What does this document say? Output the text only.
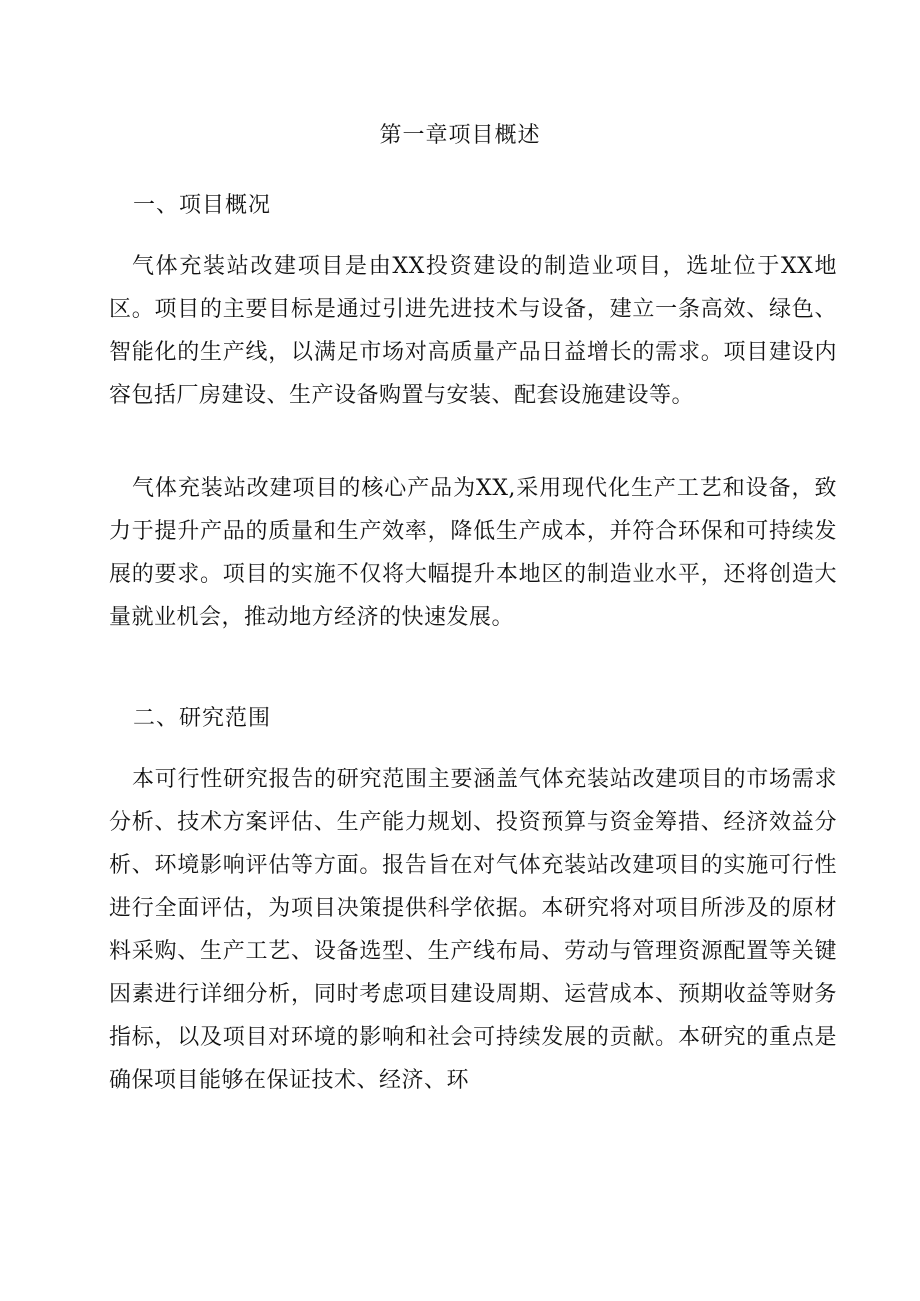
第一章项目概述
一、项目概况

气体充装站改建项目是由XX投资建设的制造业项目，选址位于XX地区。项目的主要目标是通过引进先进技术与设备，建立一条高效、绿色、智能化的生产线，以满足市场对高质量产品日益增长的需求。项目建设内容包括厂房建设、生产设备购置与安装、配套设施建设等。

气体充装站改建项目的核心产品为XX,采用现代化生产工艺和设备，致力于提升产品的质量和生产效率，降低生产成本，并符合环保和可持续发展的要求。项目的实施不仅将大幅提升本地区的制造业水平，还将创造大量就业机会，推动地方经济的快速发展。

二、研究范围

本可行性研究报告的研究范围主要涵盖气体充装站改建项目的市场需求分析、技术方案评估、生产能力规划、投资预算与资金筹措、经济效益分析、环境影响评估等方面。报告旨在对气体充装站改建项目的实施可行性进行全面评估，为项目决策提供科学依据。本研究将对项目所涉及的原材料采购、生产工艺、设备选型、生产线布局、劳动与管理资源配置等关键因素进行详细分析，同时考虑项目建设周期、运营成本、预期收益等财务指标，以及项目对环境的影响和社会可持续发展的贡献。本研究的重点是确保项目能够在保证技术、经济、环
